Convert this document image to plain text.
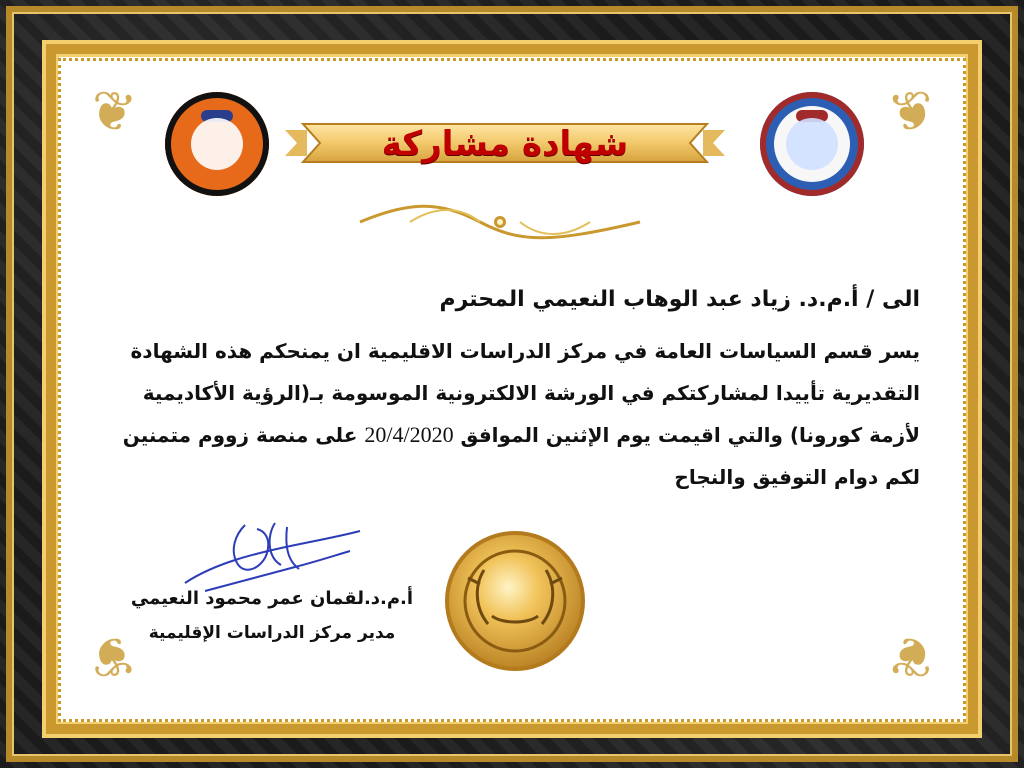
❦	❦
❦	❦
شهادة مشاركة
الى / أ.م.د. زياد عبد الوهاب النعيمي المحترم

يسر قسم السياسات العامة في مركز الدراسات الاقليمية ان يمنحكم هذه الشهادة التقديرية تأييدا لمشاركتكم في الورشة الالكترونية الموسومة بـ(الرؤية الأكاديمية لأزمة كورونا) والتي اقيمت يوم الإثنين الموافق 20/4/2020 على منصة زووم متمنين لكم دوام التوفيق والنجاح

أ.م.د.لقمان عمر محمود النعيمي

مدير مركز الدراسات الإقليمية
